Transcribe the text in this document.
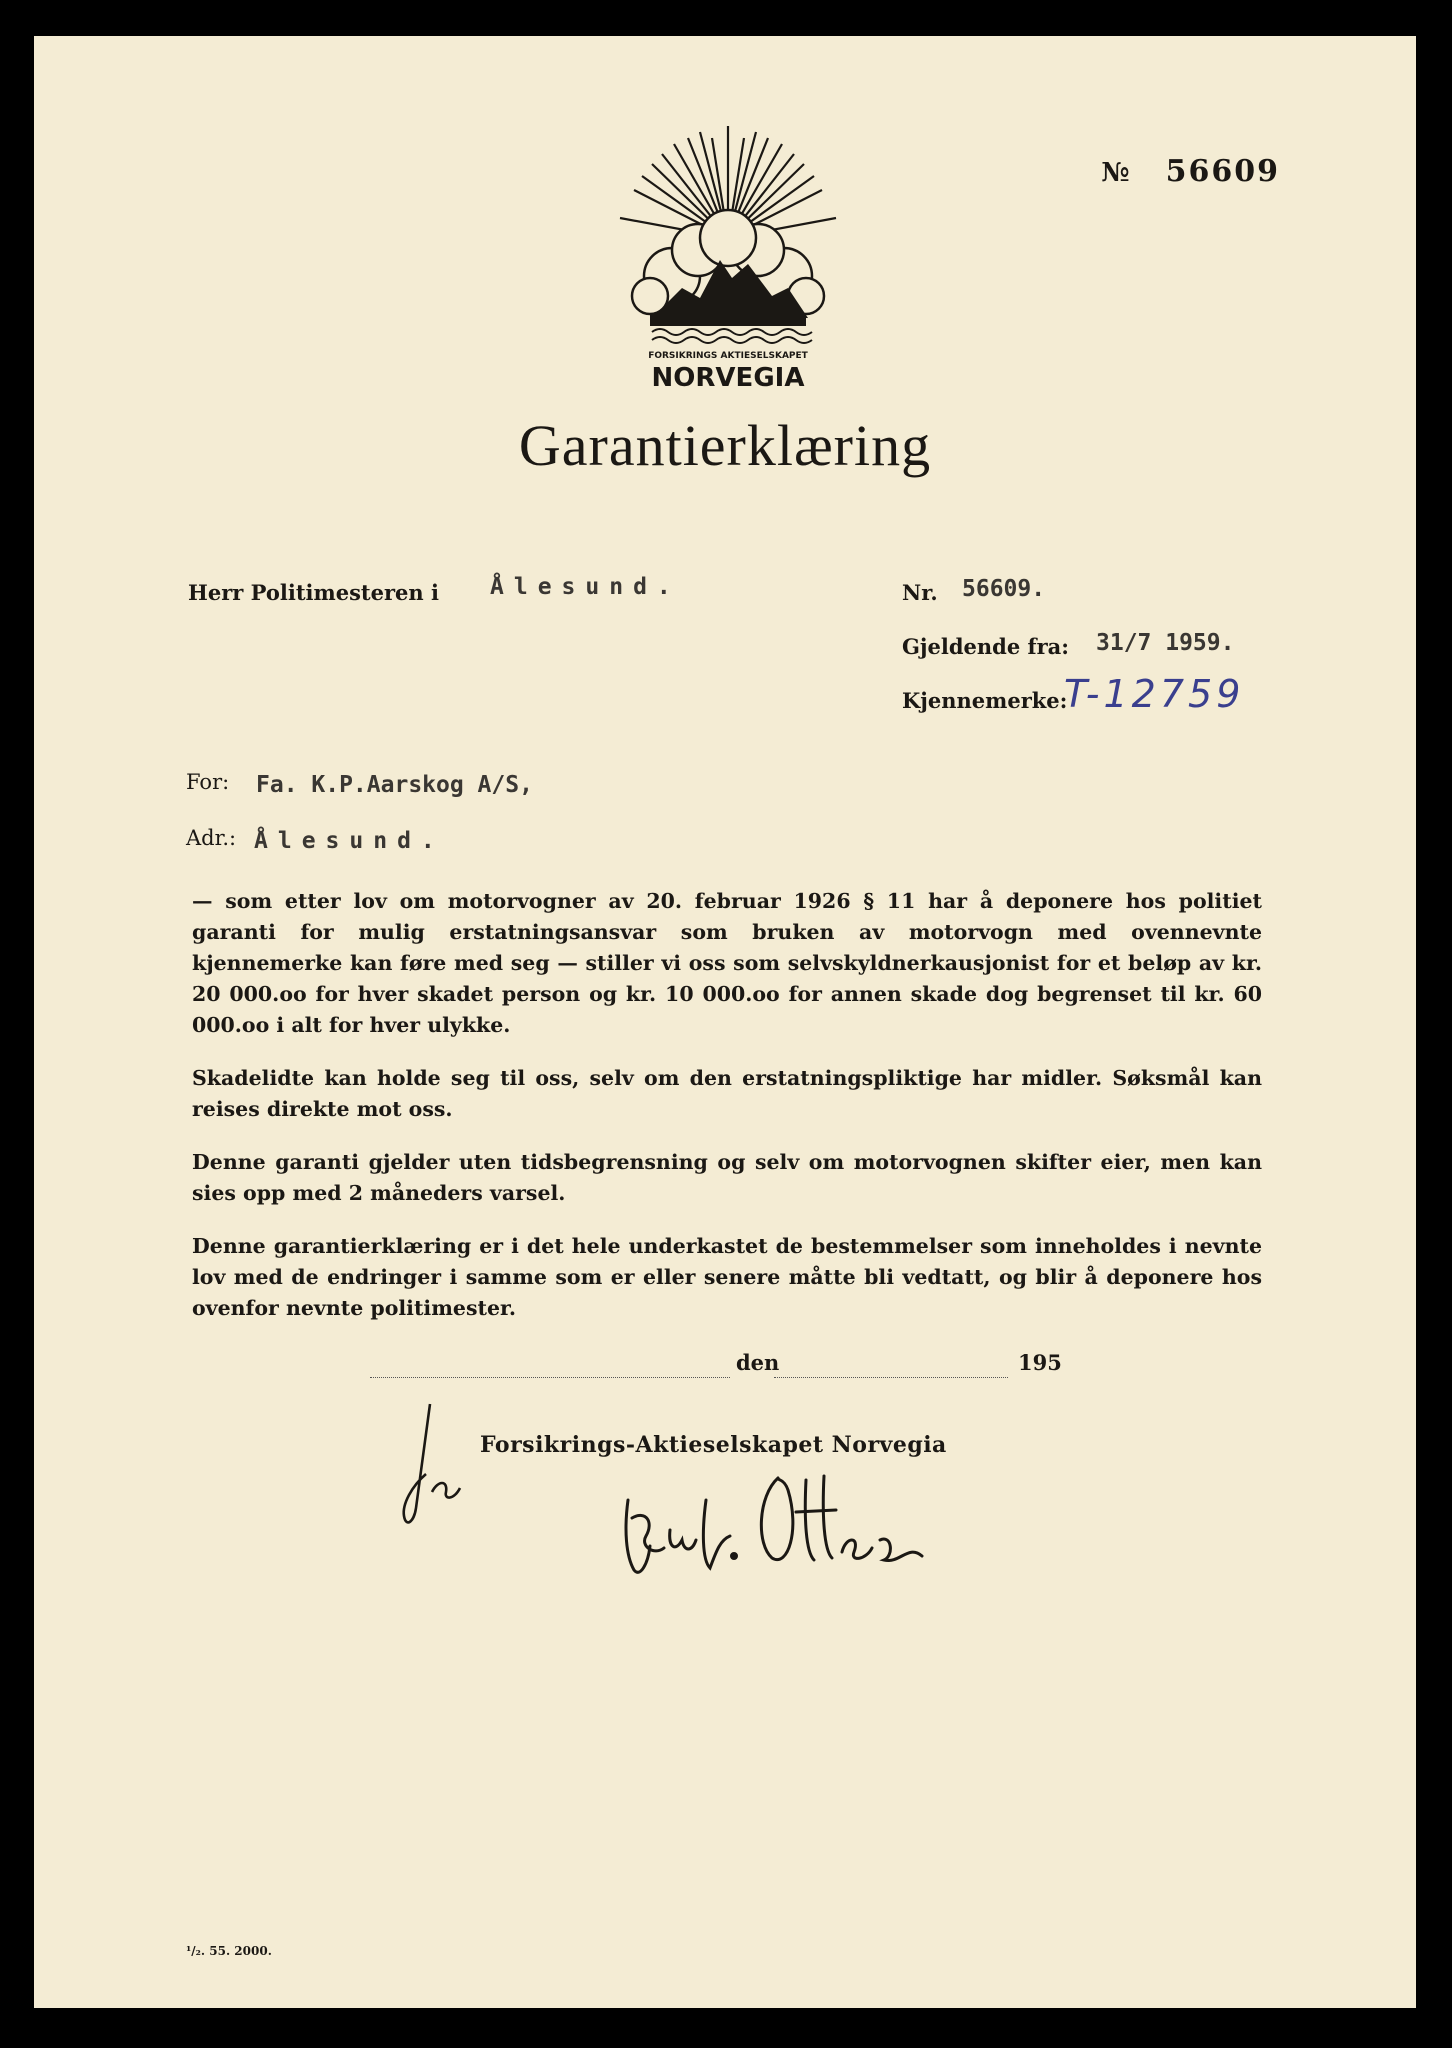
№ 56609
FORSIKRINGS AKTIESELSKAPET
NORVEGIA
Garantierklæring
Herr Politimesteren i Ålesund.	Nr. 56609.
Gjeldende fra: 31/7 1959.
Kjennemerke:
T-12759
For: Fa. K.P.Aarskog A/S,
Adr.: Ålesund.

— som etter lov om motorvogner av 20. februar 1926 § 11 har å deponere hos politiet garanti for mulig erstatningsansvar som bruken av motorvogn med ovennevnte kjennemerke kan føre med seg — stiller vi oss som selvskyldnerkausjonist for et beløp av kr. 20 000.oo for hver skadet person og kr. 10 000.oo for annen skade dog begrenset til kr. 60 000.oo i alt for hver ulykke.

Skadelidte kan holde seg til oss, selv om den erstatningspliktige har midler. Søksmål kan reises direkte mot oss.

Denne garanti gjelder uten tidsbegrensning og selv om motorvognen skifter eier, men kan sies opp med 2 måneders varsel.

Denne garantierklæring er i det hele underkastet de bestemmelser som inneholdes i nevnte lov med de endringer i samme som er eller senere måtte bli vedtatt, og blir å deponere hos ovenfor nevnte politimester.

den	195
Forsikrings-Aktieselskapet Norvegia
Rud. Ottesen
¹/₂. 55. 2000.
